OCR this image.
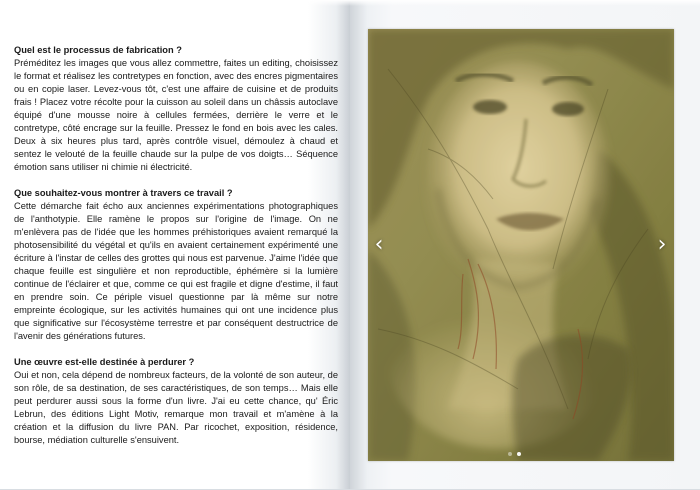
Quel est le processus de fabrication ?

Préméditez les images que vous allez commettre, faites un editing, choisissez le format et réalisez les contretypes en fonction, avec des encres pigmentaires ou en copie laser. Levez-vous tôt, c'est une affaire de cuisine et de produits frais ! Placez votre récolte pour la cuisson au soleil dans un châssis autoclave équipé d'une mousse noire à cellules fermées, derrière le verre et le contretype, côté encrage sur la feuille. Pressez le fond en bois avec les cales. Deux à six heures plus tard, après contrôle visuel, démoulez à chaud et sentez le velouté de la feuille chaude sur la pulpe de vos doigts… Séquence émotion sans utiliser ni chimie ni électricité.

Que souhaitez-vous montrer à travers ce travail ?

Cette démarche fait écho aux anciennes expérimentations photographiques de l'anthotypie. Elle ramène le propos sur l'origine de l'image. On ne m'enlèvera pas de l'idée que les hommes préhistoriques avaient remarqué la photosensibilité du végétal et qu'ils en avaient certainement expérimenté une écriture à l'instar de celles des grottes qui nous est parvenue. J'aime l'idée que chaque feuille est singulière et non reproductible, éphémère si la lumière continue de l'éclairer et que, comme ce qui est fragile et digne d'estime, il faut en prendre soin. Ce périple visuel questionne par là même sur notre empreinte écologique, sur les activités humaines qui ont une incidence plus que significative sur l'écosystème terrestre et par conséquent destructrice de l'avenir des générations futures.

Une œuvre est-elle destinée à perdurer ?

Oui et non, cela dépend de nombreux facteurs, de la volonté de son auteur, de son rôle, de sa destination, de ses caractéristiques, de son temps… Mais elle peut perdurer aussi sous la forme d'un livre. J'ai eu cette chance, qu' Éric Lebrun, des éditions Light Motiv, remarque mon travail et m'amène à la création et la diffusion du livre PAN. Par ricochet, exposition, résidence, bourse, médiation culturelle s'ensuivent.

‹	›
